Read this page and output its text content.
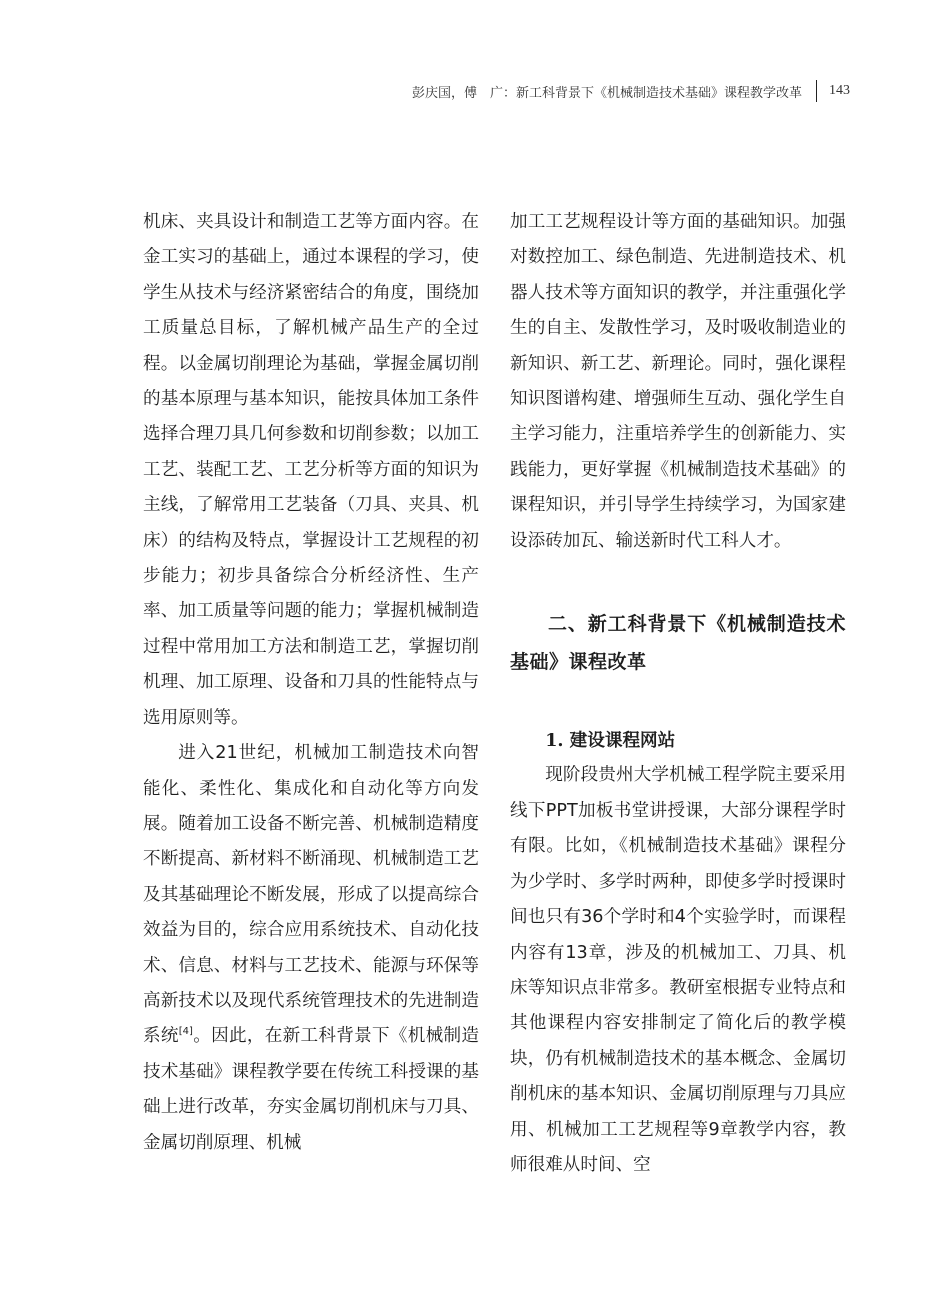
彭庆国，傅　广：新工科背景下《机械制造技术基础》课程教学改革 143

机床、夹具设计和制造工艺等方面内容。在金工实习的基础上，通过本课程的学习，使学生从技术与经济紧密结合的角度，围绕加工质量总目标，了解机械产品生产的全过程。以金属切削理论为基础，掌握金属切削的基本原理与基本知识，能按具体加工条件选择合理刀具几何参数和切削参数；以加工工艺、装配工艺、工艺分析等方面的知识为主线，了解常用工艺装备（刀具、夹具、机床）的结构及特点，掌握设计工艺规程的初步能力；初步具备综合分析经济性、生产率、加工质量等问题的能力；掌握机械制造过程中常用加工方法和制造工艺，掌握切削机理、加工原理、设备和刀具的性能特点与选用原则等。

进入21世纪，机械加工制造技术向智能化、柔性化、集成化和自动化等方向发展。随着加工设备不断完善、机械制造精度不断提高、新材料不断涌现、机械制造工艺及其基础理论不断发展，形成了以提高综合效益为目的，综合应用系统技术、自动化技术、信息、材料与工艺技术、能源与环保等高新技术以及现代系统管理技术的先进制造系统[4]。因此，在新工科背景下《机械制造技术基础》课程教学要在传统工科授课的基础上进行改革，夯实金属切削机床与刀具、金属切削原理、机械

加工工艺规程设计等方面的基础知识。加强对数控加工、绿色制造、先进制造技术、机器人技术等方面知识的教学，并注重强化学生的自主、发散性学习，及时吸收制造业的新知识、新工艺、新理论。同时，强化课程知识图谱构建、增强师生互动、强化学生自主学习能力，注重培养学生的创新能力、实践能力，更好掌握《机械制造技术基础》的课程知识，并引导学生持续学习，为国家建设添砖加瓦、输送新时代工科人才。

二、新工科背景下《机械制造技术基础》课程改革

1. 建设课程网站

现阶段贵州大学机械工程学院主要采用线下PPT加板书堂讲授课，大部分课程学时有限。比如，《机械制造技术基础》课程分为少学时、多学时两种，即使多学时授课时间也只有36个学时和4个实验学时，而课程内容有13章，涉及的机械加工、刀具、机床等知识点非常多。教研室根据专业特点和其他课程内容安排制定了简化后的教学模块，仍有机械制造技术的基本概念、金属切削机床的基本知识、金属切削原理与刀具应用、机械加工工艺规程等9章教学内容，教师很难从时间、空
